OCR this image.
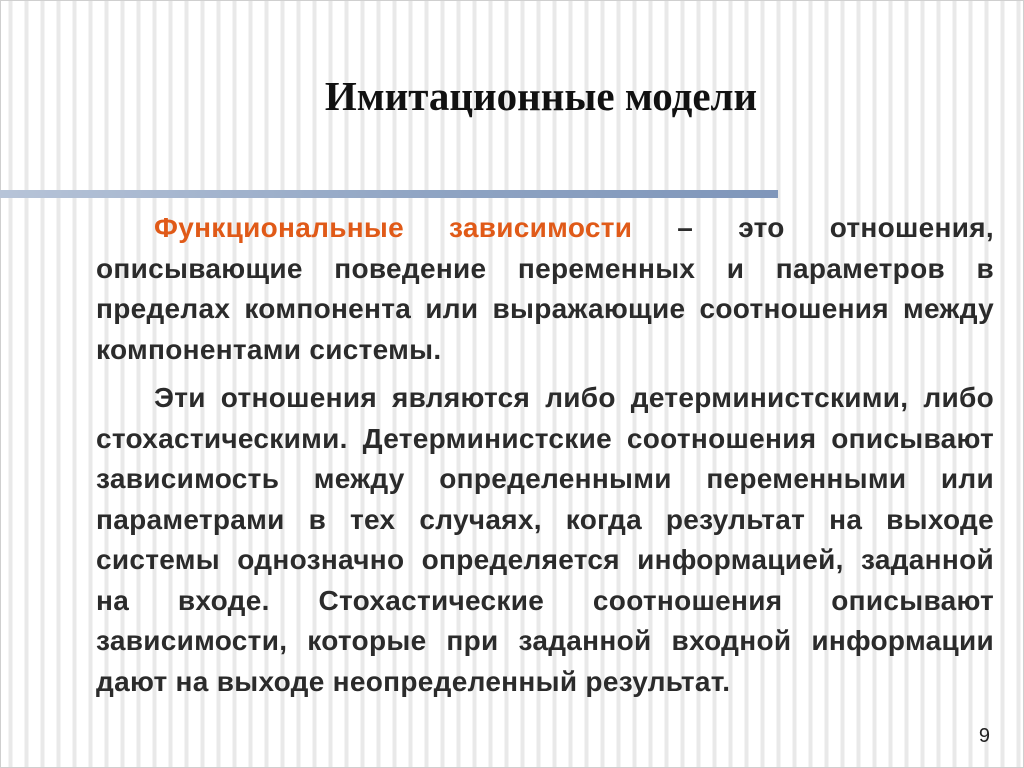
Имитационные модели

Функциональные зависимости – это отношения, описывающие поведение переменных и параметров в пределах компонента или выражающие соотношения между компонентами системы.

Эти отношения являются либо детерминистскими, либо стохастическими. Детерминистские соотношения описывают зависимость между определенными переменными или параметрами в тех случаях, когда результат на выходе системы однозначно определяется информацией, заданной на входе. Стохастические соотношения описывают зависимости, которые при заданной входной информации дают на выходе неопределенный результат.

9
